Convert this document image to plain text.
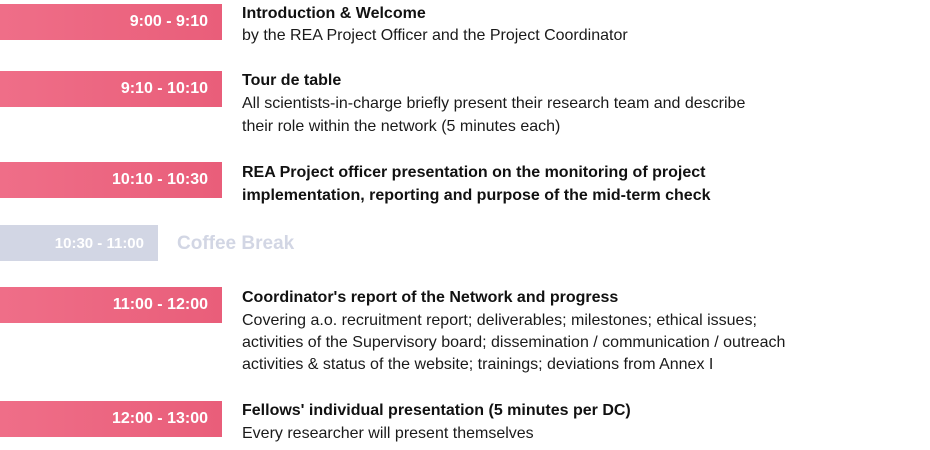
9:00 - 9:10 Introduction & Welcome
by the REA Project Officer and the Project Coordinator
9:10 - 10:10 Tour de table
All scientists-in-charge briefly present their research team and describe
their role within the network (5 minutes each)
10:10 - 10:30 REA Project officer presentation on the monitoring of project
implementation, reporting and purpose of the mid-term check
10:30 - 11:00 Coffee Break
11:00 - 12:00 Coordinator's report of the Network and progress
Covering a.o. recruitment report; deliverables; milestones; ethical issues;
activities of the Supervisory board; dissemination / communication / outreach
activities & status of the website; trainings; deviations from Annex I
12:00 - 13:00 Fellows' individual presentation (5 minutes per DC)
Every researcher will present themselves
